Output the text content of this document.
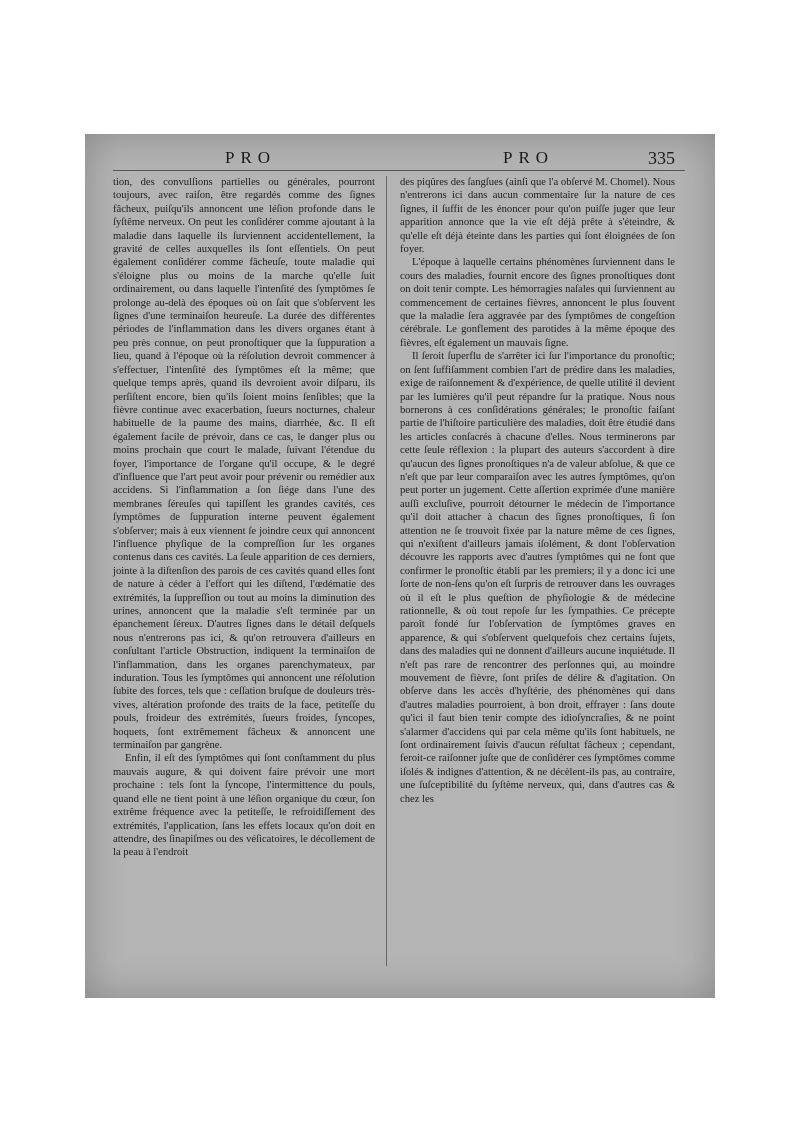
PRO	PRO	335

tion, des convulſions partielles ou générales, pourront toujours, avec raiſon, être regardés comme des ſignes fâcheux, puiſqu'ils annoncent une léſion profonde dans le ſyſtême nerveux. On peut les conſidérer comme ajoutant à la maladie dans laquelle ils ſurviennent accidentellement, la gravité de celles auxquelles ils ſont eſſentiels. On peut également conſidérer comme fâcheuſe, toute maladie qui s'éloigne plus ou moins de la marche qu'elle ſuit ordinairement, ou dans laquelle l'intenſité des ſymptômes ſe prolonge au-delà des époques où on ſait que s'obſervent les ſignes d'une terminaiſon heureuſe. La durée des différentes périodes de l'inflammation dans les divers organes étant à peu près connue, on peut pronoſtiquer que la ſuppuration a lieu, quand à l'époque où la réſolution devroit commencer à s'effectuer, l'intenſité des ſymptômes eſt la même; que quelque temps après, quand ils devroient avoir diſparu, ils perſiſtent encore, bien qu'ils ſoient moins ſenſibles; que la fièvre continue avec exacerbation, ſueurs nocturnes, chaleur habituelle de la paume des mains, diarrhée, &c. Il eſt également facile de prévoir, dans ce cas, le danger plus ou moins prochain que court le malade, ſuivant l'étendue du foyer, l'importance de l'organe qu'il occupe, & le degré d'influence que l'art peut avoir pour prévenir ou remédier aux accidens. Si l'inflammation a ſon ſiége dans l'une des membranes ſéreuſes qui tapiſſent les grandes cavités, ces ſymptômes de ſuppuration interne peuvent également s'obſerver; mais à eux viennent ſe joindre ceux qui annoncent l'influence phyſique de la compreſſion ſur les organes contenus dans ces cavités. La ſeule apparition de ces derniers, jointe à la diſtenſion des parois de ces cavités quand elles ſont de nature à céder à l'effort qui les diſtend, l'œdématie des extrémités, la ſuppreſſion ou tout au moins la diminution des urines, annoncent que la maladie s'eſt terminée par un épanchement ſéreux. D'autres ſignes dans le détail deſquels nous n'entrerons pas ici, & qu'on retrouvera d'ailleurs en conſultant l'article Obstruction, indiquent la terminaiſon de l'inflammation, dans les organes parenchymateux, par induration. Tous les ſymptômes qui annoncent une réſolution ſubite des forces, tels que : ceſſation bruſque de douleurs très-vives, altération profonde des traits de la face, petiteſſe du pouls, froideur des extrémités, ſueurs froides, ſyncopes, hoquets, ſont extrêmement fâcheux & annoncent une terminaiſon par gangrène.

Enfin, il eſt des ſymptômes qui ſont conſtamment du plus mauvais augure, & qui doivent faire prévoir une mort prochaine : tels ſont la ſyncope, l'intermittence du pouls, quand elle ne tient point à une léſion organique du cœur, ſon extrême fréquence avec la petiteſſe, le refroidiſſement des extrémités, l'application, ſans les effets locaux qu'on doit en attendre, des ſinapiſmes ou des véſicatoires, le décollement de la peau à l'endroit

des piqûres des ſangſues (ainſi que l'a obſervé M. Chomel). Nous n'entrerons ici dans aucun commentaire ſur la nature de ces ſignes, il ſuffit de les énoncer pour qu'on puiſſe juger que leur apparition annonce que la vie eſt déjà prête à s'éteindre, & qu'elle eſt déjà éteinte dans les parties qui ſont éloignées de ſon foyer.

L'époque à laquelle certains phénomènes ſurviennent dans le cours des maladies, fournit encore des ſignes pronoſtiques dont on doit tenir compte. Les hémorragies naſales qui ſurviennent au commencement de certaines fièvres, annoncent le plus ſouvent que la maladie ſera aggravée par des ſymptômes de congeſtion cérébrale. Le gonflement des parotides à la même époque des fièvres, eſt également un mauvais ſigne.

Il ſeroit ſuperflu de s'arrêter ici ſur l'importance du pronoſtic; on ſent ſuffiſamment combien l'art de prédire dans les maladies, exige de raiſonnement & d'expérience, de quelle utilité il devient par les lumières qu'il peut répandre ſur la pratique. Nous nous bornerons à ces conſidérations générales; le pronoſtic faiſant partie de l'hiſtoire particulière des maladies, doit être étudié dans les articles conſacrés à chacune d'elles. Nous terminerons par cette ſeule réflexion : la plupart des auteurs s'accordent à dire qu'aucun des ſignes pronoſtiques n'a de valeur abſolue, & que ce n'eſt que par leur comparaiſon avec les autres ſymptômes, qu'on peut porter un jugement. Cette aſſertion exprimée d'une manière auſſi excluſive, pourroit détourner le médecin de l'importance qu'il doit attacher à chacun des ſignes pronoſtiques, ſi ſon attention ne ſe trouvoit fixée par la nature même de ces ſignes, qui n'exiſtent d'ailleurs jamais iſolément, & dont l'obſervation découvre les rapports avec d'autres ſymptômes qui ne font que confirmer le pronoſtic établi par les premiers; il y a donc ici une ſorte de non-ſens qu'on eſt ſurpris de retrouver dans les ouvrages où il eſt le plus queſtion de phyſiologie & de médecine rationnelle, & où tout repoſe ſur les ſympathies. Ce précepte paroît fondé ſur l'obſervation de ſymptômes graves en apparence, & qui s'obſervent quelquefois chez certains ſujets, dans des maladies qui ne donnent d'ailleurs aucune inquiétude. Il n'eſt pas rare de rencontrer des perſonnes qui, au moindre mouvement de fièvre, ſont priſes de délire & d'agitation. On obſerve dans les accès d'hyſtérie, des phénomènes qui dans d'autres maladies pourroient, à bon droit, effrayer : ſans doute qu'ici il faut bien tenir compte des idioſyncraſies, & ne point s'alarmer d'accidens qui par cela même qu'ils ſont habituels, ne ſont ordinairement ſuivis d'aucun réſultat fâcheux ; cependant, feroit-ce raiſonner juſte que de conſidérer ces ſymptômes comme iſolés & indignes d'attention, & ne décèlent-ils pas, au contraire, une ſuſceptibilité du ſyſtème nerveux, qui, dans d'autres cas & chez les
